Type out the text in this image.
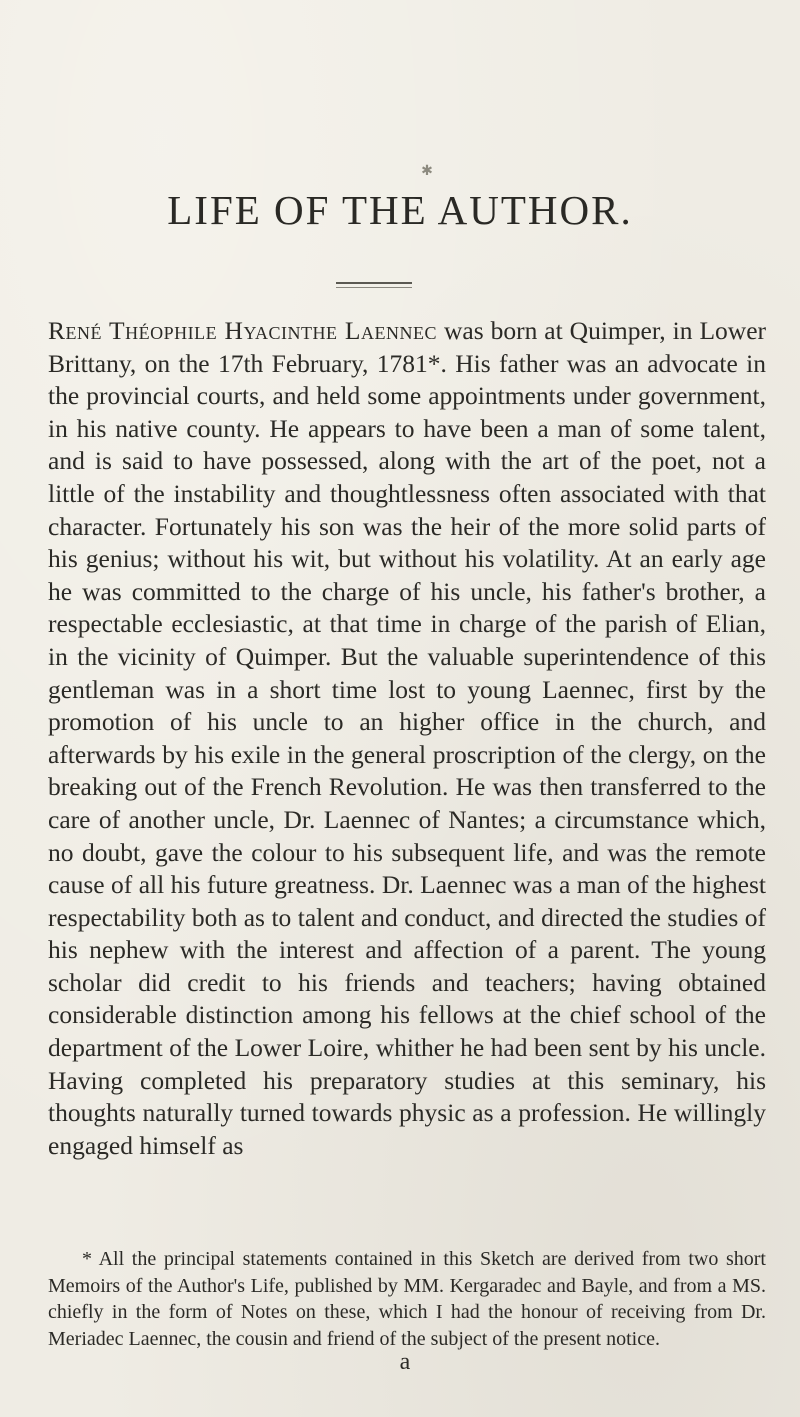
✱
LIFE OF THE AUTHOR.

René Théophile Hyacinthe Laennec was born at Quimper, in Lower Brittany, on the 17th February, 1781*. His father was an advocate in the provincial courts, and held some appointments under government, in his native county. He appears to have been a man of some talent, and is said to have possessed, along with the art of the poet, not a little of the instability and thoughtlessness often associated with that character. Fortunately his son was the heir of the more solid parts of his genius; without his wit, but without his volatility. At an early age he was committed to the charge of his uncle, his father's brother, a respectable ecclesiastic, at that time in charge of the parish of Elian, in the vicinity of Quimper. But the valuable superintendence of this gentleman was in a short time lost to young Laennec, first by the promotion of his uncle to an higher office in the church, and afterwards by his exile in the general proscription of the clergy, on the breaking out of the French Revolution. He was then transferred to the care of another uncle, Dr. Laennec of Nantes; a circumstance which, no doubt, gave the colour to his subsequent life, and was the remote cause of all his future greatness. Dr. Laennec was a man of the highest respectability both as to talent and conduct, and directed the studies of his nephew with the interest and affection of a parent. The young scholar did credit to his friends and teachers; having obtained considerable distinction among his fellows at the chief school of the department of the Lower Loire, whither he had been sent by his uncle. Having completed his preparatory studies at this seminary, his thoughts naturally turned towards physic as a profession. He willingly engaged himself as

* All the principal statements contained in this Sketch are derived from two short Memoirs of the Author's Life, published by MM. Kergaradec and Bayle, and from a MS. chiefly in the form of Notes on these, which I had the honour of receiving from Dr. Meriadec Laennec, the cousin and friend of the subject of the present notice.

a
